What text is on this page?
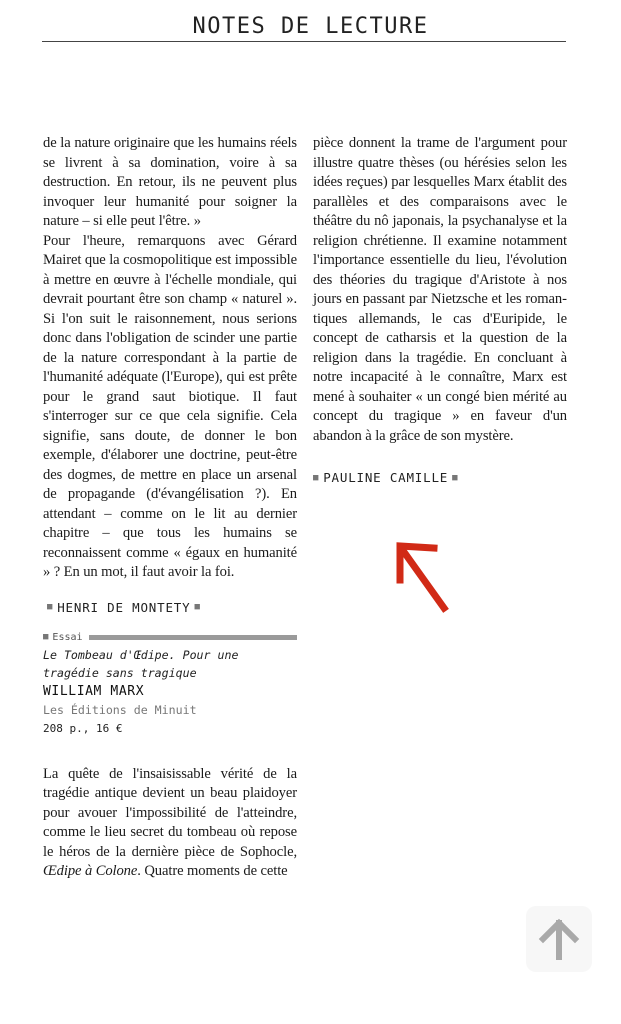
NOTES DE LECTURE

de la nature originaire que les humains réels se livrent à sa domination, voire à sa destruction. En retour, ils ne peuvent plus invoquer leur humanité pour soigner la nature – si elle peut l'être. »

Pour l'heure, remarquons avec Gérard Mairet que la cosmopolitique est impossible à mettre en œuvre à l'échelle mondiale, qui devrait pourtant être son champ « naturel ». Si l'on suit le raisonnement, nous serions donc dans l'obligation de scinder une partie de la nature correspondant à la partie de l'humanité adéquate (l'Europe), qui est prête pour le grand saut biotique. Il faut s'interroger sur ce que cela signifie. Cela signifie, sans doute, de donner le bon exemple, d'élaborer une doctrine, peut-être des dogmes, de mettre en place un arsenal de propagande (d'évangélisation ?). En attendant – comme on le lit au dernier chapitre – que tous les humains se reconnaissent comme « égaux en humanité » ? En un mot, il faut avoir la foi.

■ HENRI DE MONTETY ■
■ Essai
Le Tombeau d'Œdipe. Pour une
tragédie sans tragique
WILLIAM MARX
Les Éditions de Minuit
208 p., 16 €

La quête de l'insaisissable vérité de la tragédie antique devient un beau plaidoyer pour avouer l'impossibilité de l'atteindre, comme le lieu secret du tombeau où repose le héros de la dernière pièce de Sophocle, Œdipe à Colone. Quatre moments de cette

pièce donnent la trame de l'argument pour illustre quatre thèses (ou hérésies selon les idées reçues) par lesquelles Marx établit des parallèles et des comparaisons avec le théâtre du nô japonais, la psychanalyse et la religion chrétienne. Il examine notamment l'importance essentielle du lieu, l'évolution des théories du tragique d'Aristote à nos jours en passant par Nietzsche et les romantiques allemands, le cas d'Euripide, le concept de catharsis et la question de la religion dans la tragédie. En concluant à notre incapacité à le connaître, Marx est mené à souhaiter « un congé bien mérité au concept du tragique » en faveur d'un abandon à la grâce de son mystère.

■ PAULINE CAMILLE ■
